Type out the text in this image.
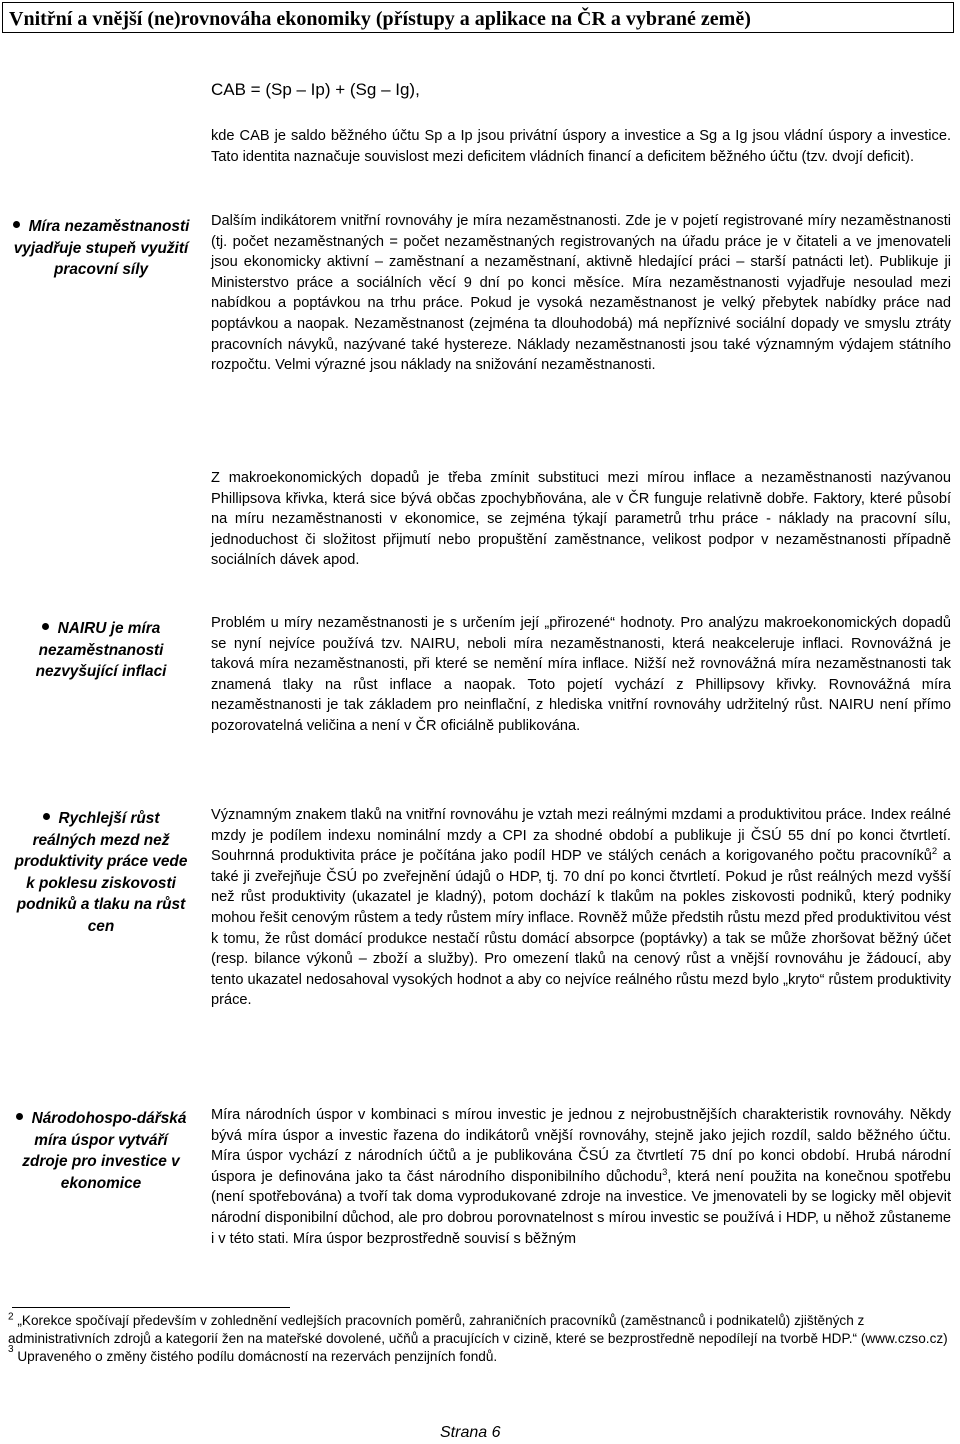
Vnitřní a vnější (ne)rovnováha ekonomiky (přístupy a aplikace na ČR a vybrané země)
CAB = (Sp – Ip) + (Sg – Ig),

kde CAB je saldo běžného účtu Sp a Ip jsou privátní úspory a investice a Sg a Ig jsou vládní úspory a investice. Tato identita naznačuje souvislost mezi deficitem vládních financí a deficitem běžného účtu (tzv. dvojí deficit).

Míra nezaměstnanosti vyjadřuje stupeň využití pracovní síly
NAIRU je míra nezaměstnanosti nezvyšující inflaci
Rychlejší růst reálných mezd než produktivity práce vede k poklesu ziskovosti podniků a tlaku na růst cen
Národohospo-dářská míra úspor vytváří zdroje pro investice v ekonomice

Dalším indikátorem vnitřní rovnováhy je míra nezaměstnanosti. Zde je v pojetí registrované míry nezaměstnanosti (tj. počet nezaměstnaných = počet nezaměstnaných registrovaných na úřadu práce je v čitateli a ve jmenovateli jsou ekonomicky aktivní – zaměstnaní a nezaměstnaní, aktivně hledající práci – starší patnácti let). Publikuje ji Ministerstvo práce a sociálních věcí 9 dní po konci měsíce. Míra nezaměstnanosti vyjadřuje nesoulad mezi nabídkou a poptávkou na trhu práce. Pokud je vysoká nezaměstnanost je velký přebytek nabídky práce nad poptávkou a naopak. Nezaměstnanost (zejména ta dlouhodobá) má nepříznivé sociální dopady ve smyslu ztráty pracovních návyků, nazývané také hystereze. Náklady nezaměstnanosti jsou také významným výdajem státního rozpočtu. Velmi výrazné jsou náklady na snižování nezaměstnanosti.

Z makroekonomických dopadů je třeba zmínit substituci mezi mírou inflace a nezaměstnanosti nazývanou Phillipsova křivka, která sice bývá občas zpochybňována, ale v ČR funguje relativně dobře. Faktory, které působí na míru nezaměstnanosti v ekonomice, se zejména týkají parametrů trhu práce - náklady na pracovní sílu, jednoduchost či složitost přijmutí nebo propuštění zaměstnance, velikost podpor v nezaměstnanosti případně sociálních dávek apod.

Problém u míry nezaměstnanosti je s určením její „přirozené“ hodnoty. Pro analýzu makroekonomických dopadů se nyní nejvíce používá tzv. NAIRU, neboli míra nezaměstnanosti, která neakceleruje inflaci. Rovnovážná je taková míra nezaměstnanosti, při které se nemění míra inflace. Nižší než rovnovážná míra nezaměstnanosti tak znamená tlaky na růst inflace a naopak. Toto pojetí vychází z Phillipsovy křivky. Rovnovážná míra nezaměstnanosti je tak základem pro neinflační, z hlediska vnitřní rovnováhy udržitelný růst. NAIRU není přímo pozorovatelná veličina a není v ČR oficiálně publikována.

Významným znakem tlaků na vnitřní rovnováhu je vztah mezi reálnými mzdami a produktivitou práce. Index reálné mzdy je podílem indexu nominální mzdy a CPI za shodné období a publikuje ji ČSÚ 55 dní po konci čtvrtletí. Souhrnná produktivita práce je počítána jako podíl HDP ve stálých cenách a korigovaného počtu pracovníků$^2$ a také ji zveřejňuje ČSÚ po zveřejnění údajů o HDP, tj. 70 dní po konci čtvrtletí. Pokud je růst reálných mezd vyšší než růst produktivity (ukazatel je kladný), potom dochází k tlakům na pokles ziskovosti podniků, který podniky mohou řešit cenovým růstem a tedy růstem míry inflace. Rovněž může předstih růstu mezd před produktivitou vést k tomu, že růst domácí produkce nestačí růstu domácí absorpce (poptávky) a tak se může zhoršovat běžný účet (resp. bilance výkonů – zboží a služby). Pro omezení tlaků na cenový růst a vnější rovnováhu je žádoucí, aby tento ukazatel nedosahoval vysokých hodnot a aby co nejvíce reálného růstu mezd bylo „kryto“ růstem produktivity práce.

Míra národních úspor v kombinaci s mírou investic je jednou z nejrobustnějších charakteristik rovnováhy. Někdy bývá míra úspor a investic řazena do indikátorů vnější rovnováhy, stejně jako jejich rozdíl, saldo běžného účtu. Míra úspor vychází z národních účtů a je publikována ČSÚ za čtvrtletí 75 dní po konci období. Hrubá národní úspora je definována jako ta část národního disponibilního důchodu$^3$, která není použita na konečnou spotřebu (není spotřebována) a tvoří tak doma vyprodukované zdroje na investice. Ve jmenovateli by se logicky měl objevit národní disponibilní důchod, ale pro dobrou porovnatelnost s mírou investic se používá i HDP, u něhož zůstaneme i v této stati. Míra úspor bezprostředně souvisí s běžným

$^2$ „Korekce spočívají především v zohlednění vedlejších pracovních poměrů, zahraničních pracovníků (zaměstnanců i podnikatelů) zjištěných z administrativních zdrojů a kategorií žen na mateřské dovolené, učňů a pracujících v cizině, které se bezprostředně nepodílejí na tvorbě HDP.“ (www.czso.cz)

$^3$ Upraveného o změny čistého podílu domácností na rezervách penzijních fondů.

Strana 6
